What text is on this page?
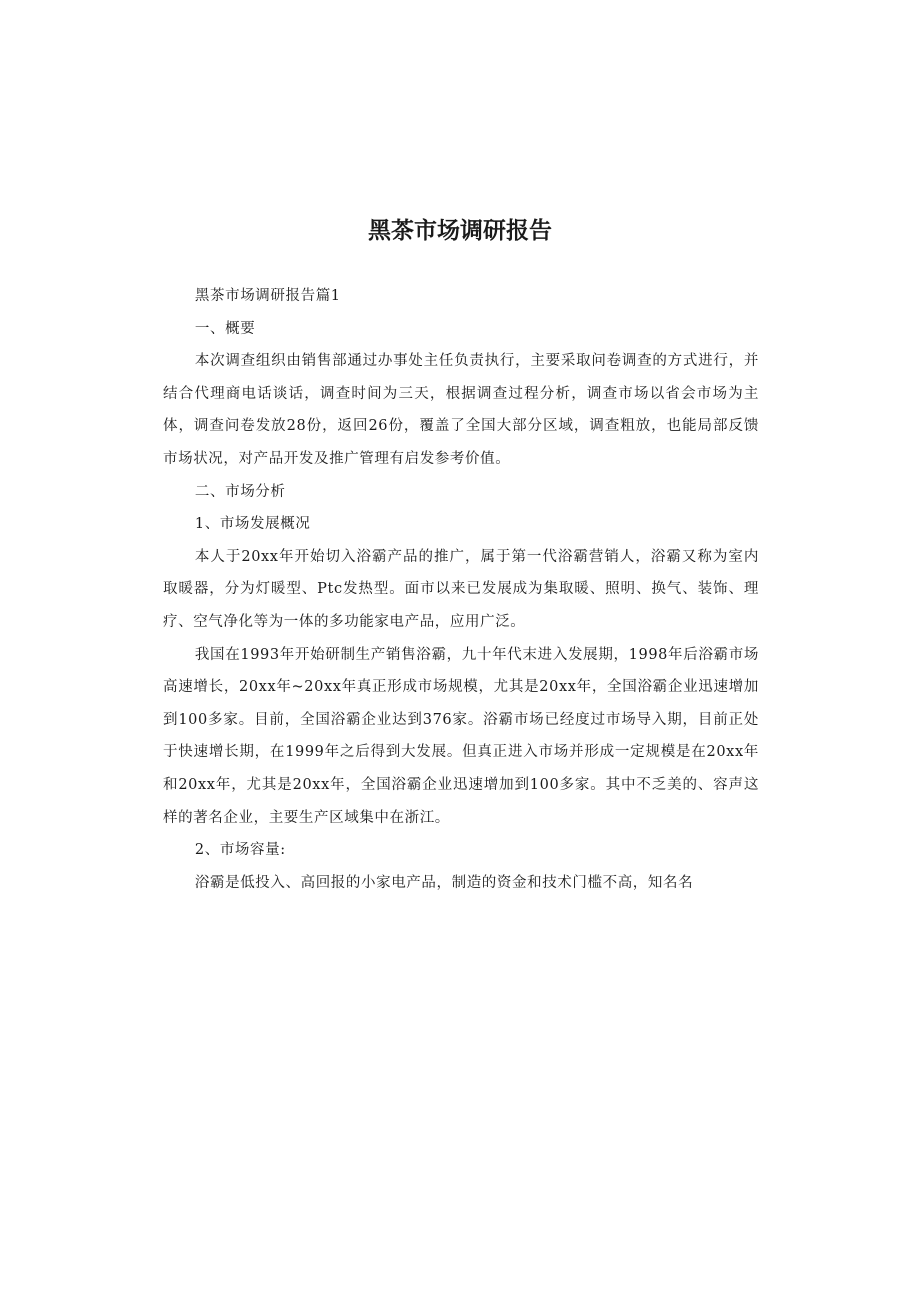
黑茶市场调研报告

黑茶市场调研报告篇1

一、概要

本次调查组织由销售部通过办事处主任负责执行，主要采取问卷调查的方式进行，并结合代理商电话谈话，调查时间为三天，根据调查过程分析，调查市场以省会市场为主体，调查问卷发放28份，返回26份，覆盖了全国大部分区域，调查粗放，也能局部反馈市场状况，对产品开发及推广管理有启发参考价值。

二、市场分析

1、市场发展概况

本人于20xx年开始切入浴霸产品的推广，属于第一代浴霸营销人，浴霸又称为室内取暖器，分为灯暖型、Ptc发热型。面市以来已发展成为集取暖、照明、换气、装饰、理疗、空气净化等为一体的多功能家电产品，应用广泛。

我国在1993年开始研制生产销售浴霸，九十年代末进入发展期，1998年后浴霸市场高速增长，20xx年~20xx年真正形成市场规模，尤其是20xx年，全国浴霸企业迅速增加到100多家。目前，全国浴霸企业达到376家。浴霸市场已经度过市场导入期，目前正处于快速增长期，在1999年之后得到大发展。但真正进入市场并形成一定规模是在20xx年和20xx年，尤其是20xx年，全国浴霸企业迅速增加到100多家。其中不乏美的、容声这样的著名企业，主要生产区域集中在浙江。

2、市场容量:

浴霸是低投入、高回报的小家电产品，制造的资金和技术门槛不高，知名名
